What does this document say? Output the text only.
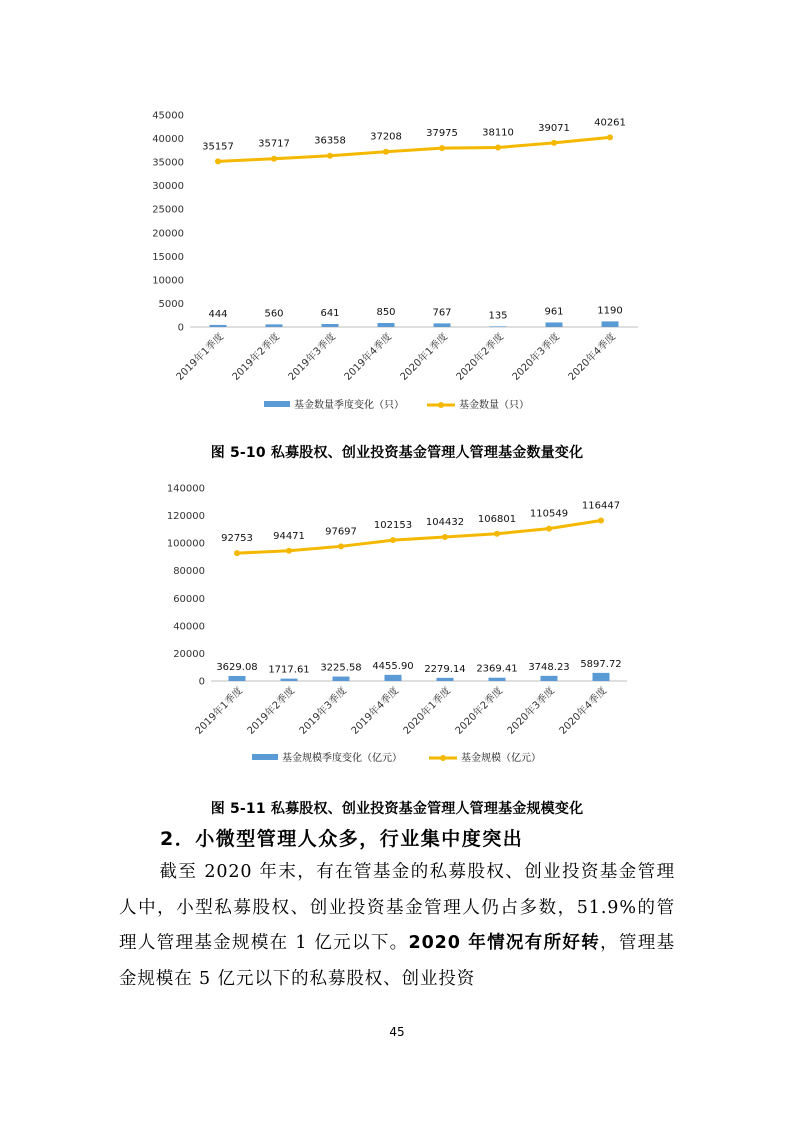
0
5000
10000
15000
20000
25000
30000
35000
40000
45000
444	560	641	850	767	135	961	1190
35157 35717 36358 37208 37975 38110 39071
40261
2019年1季度 2019年2季度 2019年3季度 2019年4季度 2020年1季度 2020年2季度 2020年3季度 2020年4季度
基金数量季度变化（只）	基金数量（只）
图 5-10 私募股权、创业投资基金管理人管理基金数量变化
0
20000
40000
60000
80000
100000
120000
140000
3629.08 1717.61 3225.58 4455.90 2279.14 2369.41 3748.23 5897.72
92753 94471 97697
102153 104432 106801 110549
116447
2019年1季度 2019年2季度 2019年3季度 2019年4季度 2020年1季度 2020年2季度 2020年3季度 2020年4季度
基金规模季度变化（亿元）	基金规模（亿元）
图 5-11 私募股权、创业投资基金管理人管理基金规模变化
2．小微型管理人众多，行业集中度突出
截至 2020 年末，有在管基金的私募股权、创业投资基金管理人中，小型私募股权、创业投资基金管理人仍占多数，51.9%的管理人管理基金规模在 1 亿元以下。2020 年情况有所好转，管理基金规模在 5 亿元以下的私募股权、创业投资
45
